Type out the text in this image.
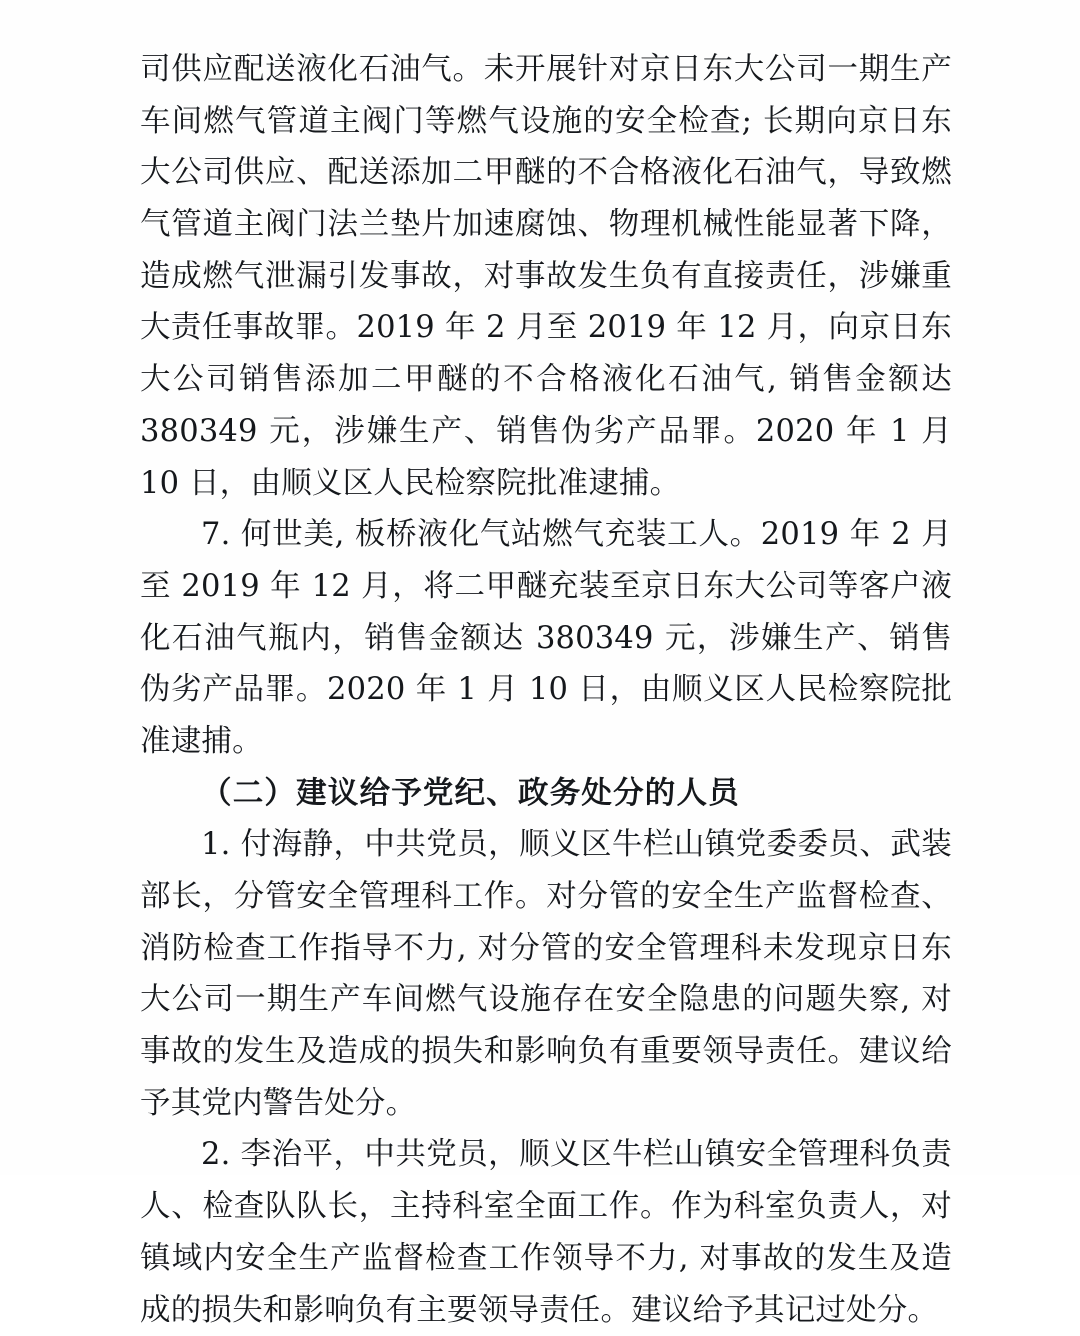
司供应配送液化石油气。未开展针对京日东大公司一期生产车间燃气管道主阀门等燃气设施的安全检查; 长期向京日东大公司供应、配送添加二甲醚的不合格液化石油气，导致燃气管道主阀门法兰垫片加速腐蚀、物理机械性能显著下降，造成燃气泄漏引发事故，对事故发生负有直接责任，涉嫌重大责任事故罪。2019 年 2 月至 2019 年 12 月，向京日东大公司销售添加二甲醚的不合格液化石油气, 销售金额达 380349 元，涉嫌生产、销售伪劣产品罪。2020 年 1 月 10 日，由顺义区人民检察院批准逮捕。

7. 何世美, 板桥液化气站燃气充装工人。2019 年 2 月至 2019 年 12 月，将二甲醚充装至京日东大公司等客户液化石油气瓶内，销售金额达 380349 元，涉嫌生产、销售伪劣产品罪。2020 年 1 月 10 日，由顺义区人民检察院批准逮捕。

（二）建议给予党纪、政务处分的人员

1. 付海静，中共党员，顺义区牛栏山镇党委委员、武装部长，分管安全管理科工作。对分管的安全生产监督检查、消防检查工作指导不力, 对分管的安全管理科未发现京日东大公司一期生产车间燃气设施存在安全隐患的问题失察, 对事故的发生及造成的损失和影响负有重要领导责任。建议给予其党内警告处分。

2. 李治平，中共党员，顺义区牛栏山镇安全管理科负责人、检查队队长，主持科室全面工作。作为科室负责人，对镇域内安全生产监督检查工作领导不力, 对事故的发生及造成的损失和影响负有主要领导责任。建议给予其记过处分。
